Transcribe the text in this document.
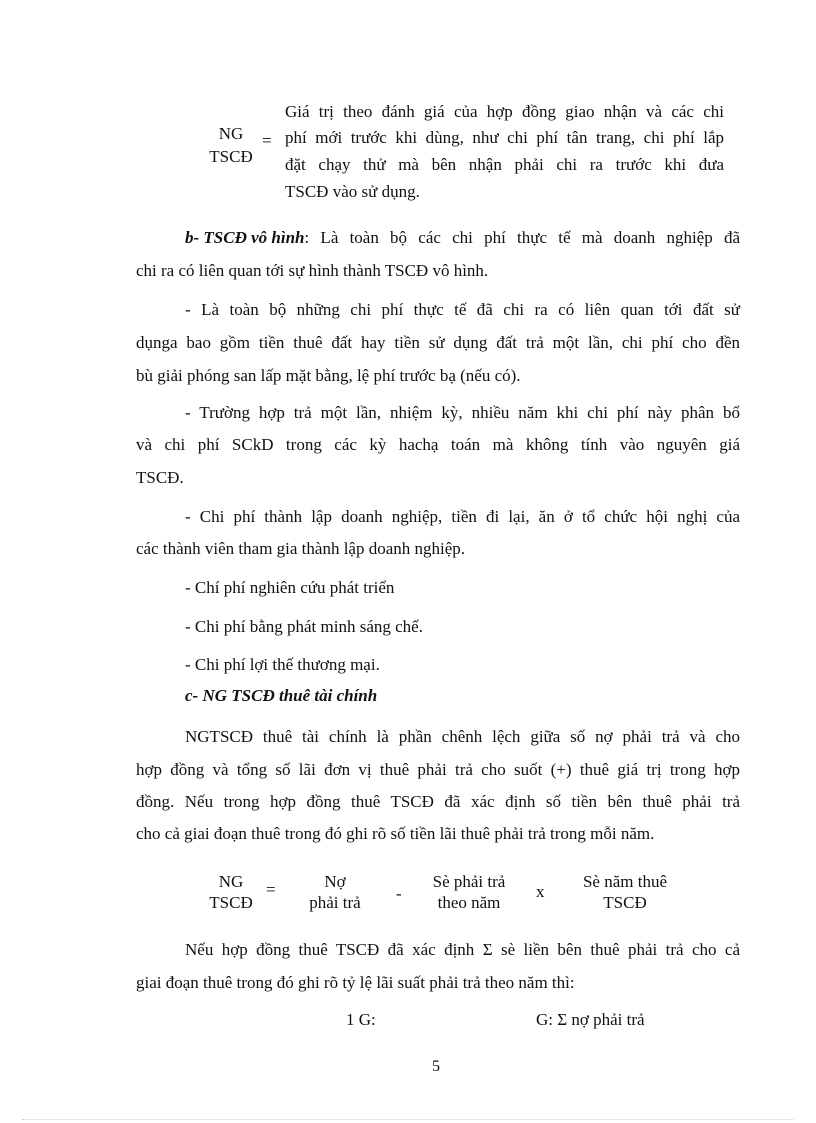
NG
TSCĐ
=
Giá trị theo đánh giá của hợp đồng giao nhận và các chi
phí mới trước khi dùng, như chi phí tân trang, chi phí lắp
đặt chạy thử mà bên nhận phải chi ra trước khi đưa
TSCĐ vào sử dụng.
b- TSCĐ vô hình : Là toàn bộ các chi phí thực tế mà doanh nghiệp đã
chi ra có liên quan tới sự hình thành TSCĐ vô hình.
- Là toàn bộ những chi phí thực tế đã chi ra có liên quan tới đất sử
dụnga bao gồm tiền thuê đất hay tiền sử dụng đất trả một lần, chi phí cho đền
bù giải phóng san lấp mặt bằng, lệ phí trước bạ (nếu có).
- Trường hợp trả một lần, nhiệm kỳ, nhiều năm khi chi phí này phân bổ
và chi phí SCkD trong các kỳ hachạ toán mà không tính vào nguyên giá
TSCĐ.
- Chi phí thành lập doanh nghiệp, tiền đi lại, ăn ở tổ chức hội nghị của
các thành viên tham gia thành lập doanh nghiệp.
- Chí phí nghiên cứu phát triển
- Chi phí bằng phát minh sáng chế.
- Chi phí lợi thế thương mại.
c- NG TSCĐ thuê tài chính
NGTSCĐ thuê tài chính là phần chênh lệch giữa số nợ phải trả và cho
hợp đồng và tổng số lãi đơn vị thuê phải trả cho suốt (+) thuê giá trị trong hợp
đồng. Nếu trong hợp đồng thuê TSCĐ đã xác định số tiền bên thuê phải trả
cho cả giai đoạn thuê trong đó ghi rõ số tiền lãi thuê phải trả trong mỗi năm.
NG
TSCĐ
=	Nợ
phải trả	-
Sè phải trả
theo năm
x
Sè năm thuê
TSCĐ
Nếu hợp đồng thuê TSCĐ đã xác định Σ sè liền bên thuê phải trả cho cả
giai đoạn thuê trong đó ghi rõ tỷ lệ lãi suất phải trả theo năm thì:
1 G:	G: Σ nợ phải trả
5
